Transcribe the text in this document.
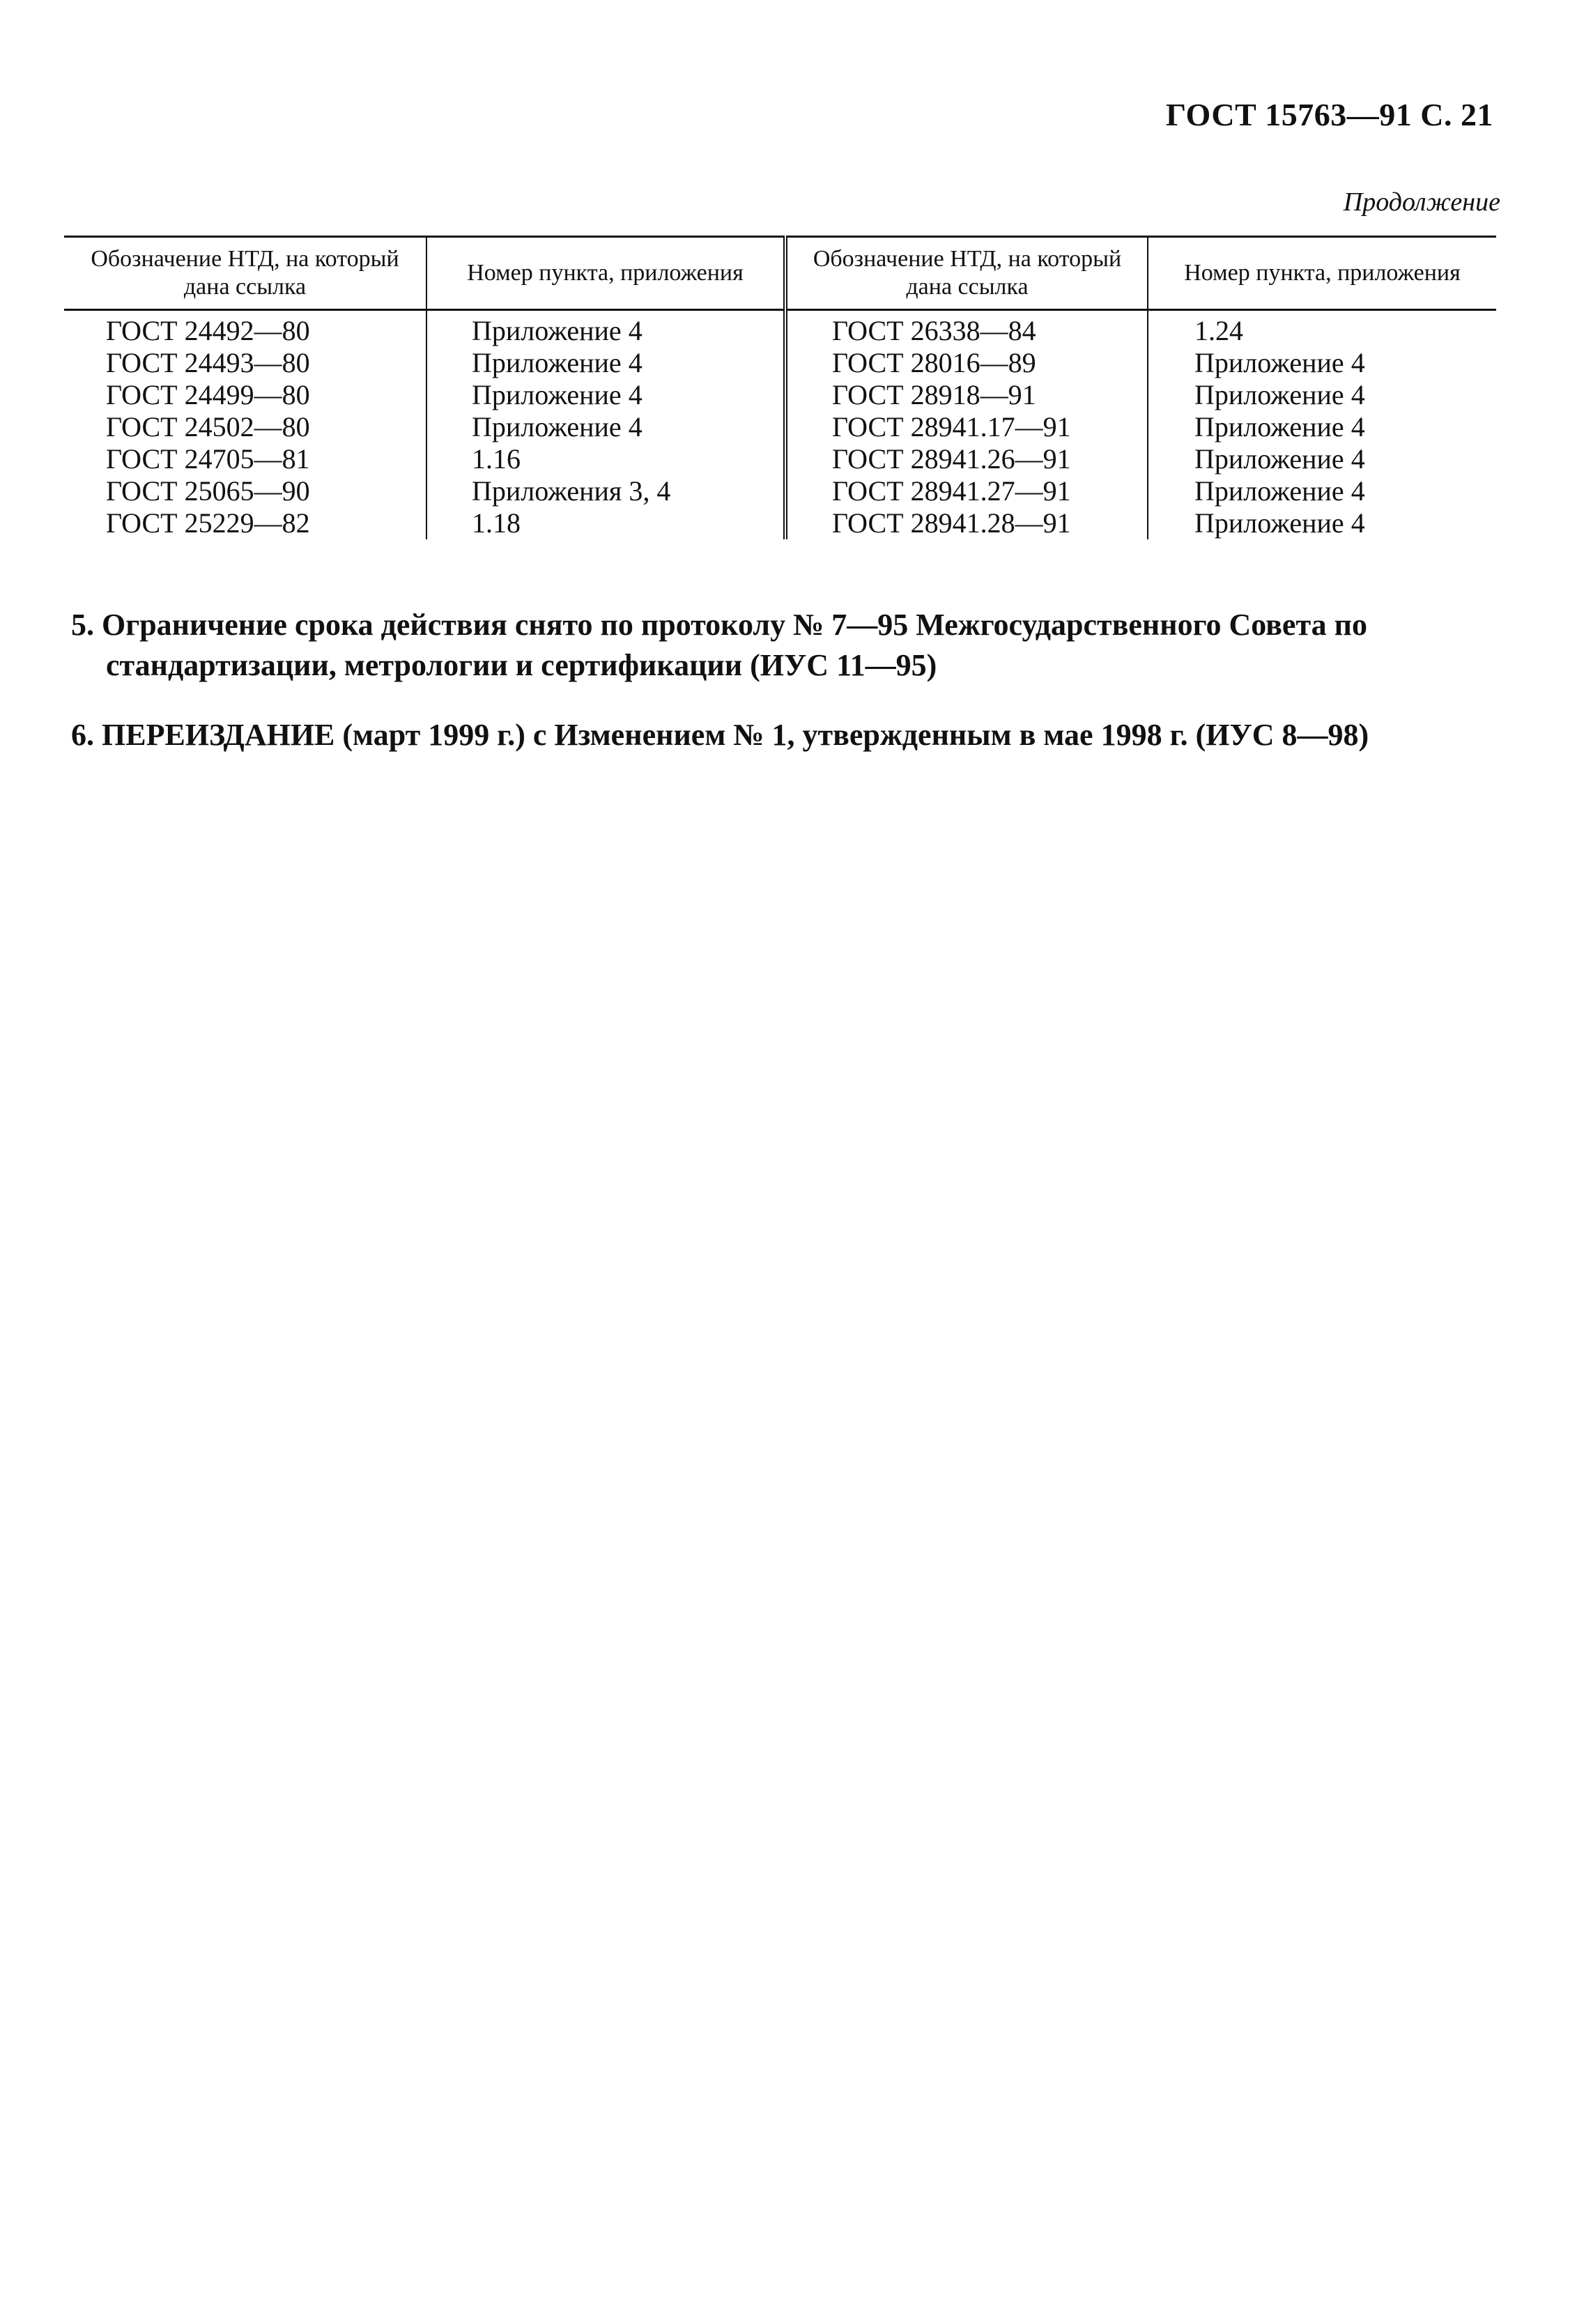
ГОСТ 15763—91 С. 21
Продолжение
Обозначение НТД, на который дана ссылка	Номер пункта, приложения	Обозначение НТД, на который дана ссылка	Номер пункта, приложения
ГОСТ 24492—80	Приложение 4	ГОСТ 26338—84	1.24
ГОСТ 24493—80	Приложение 4	ГОСТ 28016—89	Приложение 4
ГОСТ 24499—80	Приложение 4	ГОСТ 28918—91	Приложение 4
ГОСТ 24502—80	Приложение 4	ГОСТ 28941.17—91	Приложение 4
ГОСТ 24705—81	1.16	ГОСТ 28941.26—91	Приложение 4
ГОСТ 25065—90	Приложения 3, 4	ГОСТ 28941.27—91	Приложение 4
ГОСТ 25229—82	1.18	ГОСТ 28941.28—91	Приложение 4

5. Ограничение срока действия снято по протоколу № 7—95 Межгосударственного Совета по стандартизации, метрологии и сертификации (ИУС 11—95)

6. ПЕРЕИЗДАНИЕ (март 1999 г.) с Изменением № 1, утвержденным в мае 1998 г. (ИУС 8—98)
